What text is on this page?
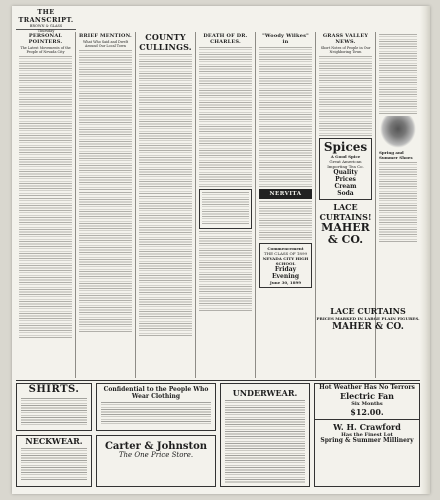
THE TRANSCRIPT.
BROWN & GLASS
Thursday
PERSONAL POINTERS.
The Latest Movements of the People of Nevada City
BRIEF MENTION.
What Who Said and Dwelt Around Our Local Town
COUNTY
CULLINGS.
DEATH OF DR. CHARLES.
"Woody Wilkes" in
NERVITA
Commencement
THE CLASS OF 1899
NEVADA CITY HIGH SCHOOL
Friday Evening
June 30, 1899
GRASS VALLEY NEWS.
Short Notes of People in Our Neighboring Town
Spices
A Good Spice
Great American Importing Tea Co.
Quality
Prices
Cream
Soda
LACE CURTAINS!
MAHER & CO.
Spring and Summer Shoes
LACE CURTAINS
PRICES MARKED IN LARGE PLAIN FIGURES.
MAHER & CO.
SHIRTS.
NECKWEAR.
Confidential to the People Who Wear Clothing
Carter & Johnston
The One Price Store.
UNDERWEAR.
Hot Weather Has No Terrors
Electric Fan
Six Months
$12.00.
W. H. Crawford
Has the Finest Lot
Spring & Summer Millinery
